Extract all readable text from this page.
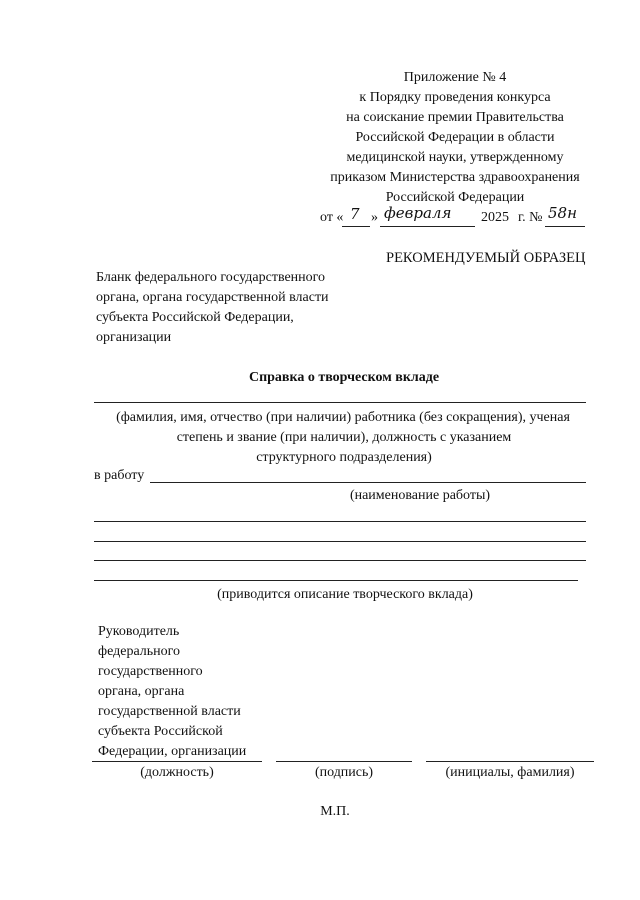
Приложение № 4
к Порядку проведения конкурса
на соискание премии Правительства
Российской Федерации в области
медицинской науки, утвержденному
приказом Министерства здравоохранения
Российской Федерации
от « 7 » февраля 2025 г. № 58н
РЕКОМЕНДУЕМЫЙ ОБРАЗЕЦ
Бланк федерального государственного
органа, органа государственной власти
субъекта Российской Федерации,
организации
Справка о творческом вкладе
(фамилия, имя, отчество (при наличии) работника (без сокращения), ученая
степень и звание (при наличии), должность с указанием
структурного подразделения)
в работу
(наименование работы)
(приводится описание творческого вклада)
Руководитель
федерального
государственного
органа, органа
государственной власти
субъекта Российской
Федерации, организации
(должность)	(подпись)	(инициалы, фамилия)
М.П.
